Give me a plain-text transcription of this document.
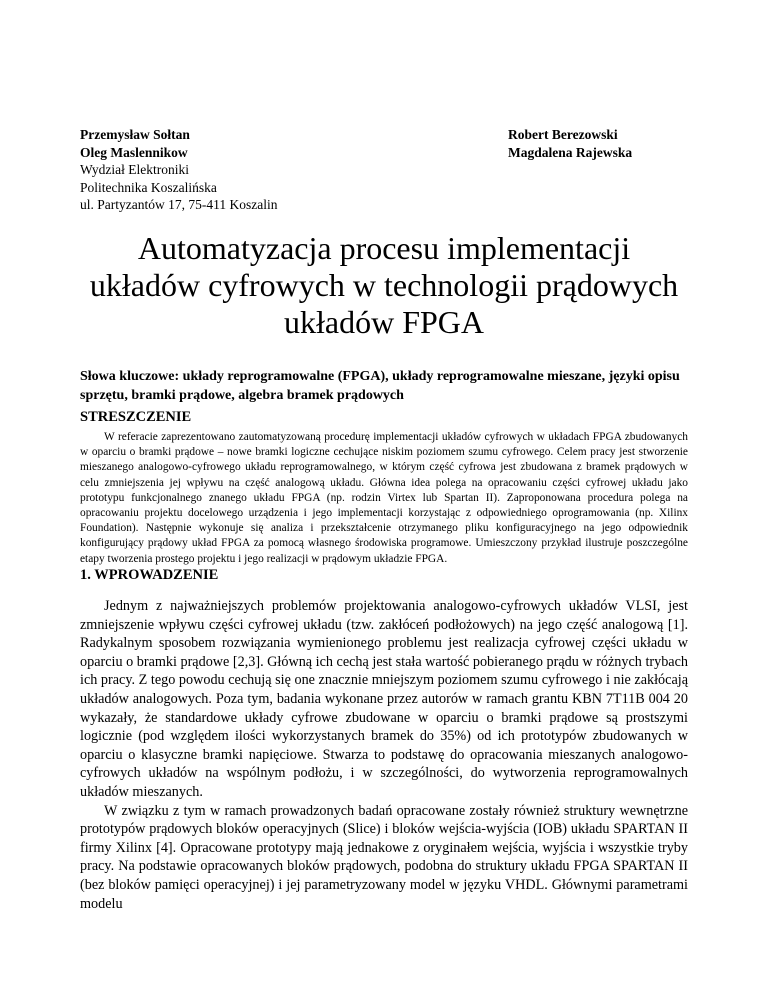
Przemysław Sołtan
Oleg Maslennikow
Wydział Elektroniki
Politechnika Koszalińska
ul. Partyzantów 17, 75-411 Koszalin
Robert Berezowski
Magdalena Rajewska
Automatyzacja procesu implementacji układów cyfrowych w technologii prądowych układów FPGA
Słowa kluczowe: układy reprogramowalne (FPGA), układy reprogramowalne mieszane, języki opisu sprzętu, bramki prądowe, algebra bramek prądowych
STRESZCZENIE

W referacie zaprezentowano zautomatyzowaną procedurę implementacji układów cyfrowych w układach FPGA zbudowanych w oparciu o bramki prądowe – nowe bramki logiczne cechujące niskim poziomem szumu cyfrowego. Celem pracy jest stworzenie mieszanego analogowo-cyfrowego układu reprogramowalnego, w którym część cyfrowa jest zbudowana z bramek prądowych w celu zmniejszenia jej wpływu na część analogową układu. Główna idea polega na opracowaniu części cyfrowej układu jako prototypu funkcjonalnego znanego układu FPGA (np. rodzin Virtex lub Spartan II). Zaproponowana procedura polega na opracowaniu projektu docelowego urządzenia i jego implementacji korzystając z odpowiedniego oprogramowania (np. Xilinx Foundation). Następnie wykonuje się analiza i przekształcenie otrzymanego pliku konfiguracyjnego na jego odpowiednik konfigurujący prądowy układ FPGA za pomocą własnego środowiska programowe. Umieszczony przykład ilustruje poszczególne etapy tworzenia prostego projektu i jego realizacji w prądowym układzie FPGA.

1. WPROWADZENIE

Jednym z najważniejszych problemów projektowania analogowo-cyfrowych układów VLSI, jest zmniejszenie wpływu części cyfrowej układu (tzw. zakłóceń podłożowych) na jego część analogową [1]. Radykalnym sposobem rozwiązania wymienionego problemu jest realizacja cyfrowej części układu w oparciu o bramki prądowe [2,3]. Główną ich cechą jest stała wartość pobieranego prądu w różnych trybach ich pracy. Z tego powodu cechują się one znacznie mniejszym poziomem szumu cyfrowego i nie zakłócają układów analogowych. Poza tym, badania wykonane przez autorów w ramach grantu KBN 7T11B 004 20 wykazały, że standardowe układy cyfrowe zbudowane w oparciu o bramki prądowe są prostszymi logicznie (pod względem ilości wykorzystanych bramek do 35%) od ich prototypów zbudowanych w oparciu o klasyczne bramki napięciowe. Stwarza to podstawę do opracowania mieszanych analogowo-cyfrowych układów na wspólnym podłożu, i w szczególności, do wytworzenia reprogramowalnych układów mieszanych.

W związku z tym w ramach prowadzonych badań opracowane zostały również struktury wewnętrzne prototypów prądowych bloków operacyjnych (Slice) i bloków wejścia-wyjścia (IOB) układu SPARTAN II firmy Xilinx [4]. Opracowane prototypy mają jednakowe z oryginałem wejścia, wyjścia i wszystkie tryby pracy. Na podstawie opracowanych bloków prądowych, podobna do struktury układu FPGA SPARTAN II (bez bloków pamięci operacyjnej) i jej parametryzowany model w języku VHDL. Głównymi parametrami modelu
